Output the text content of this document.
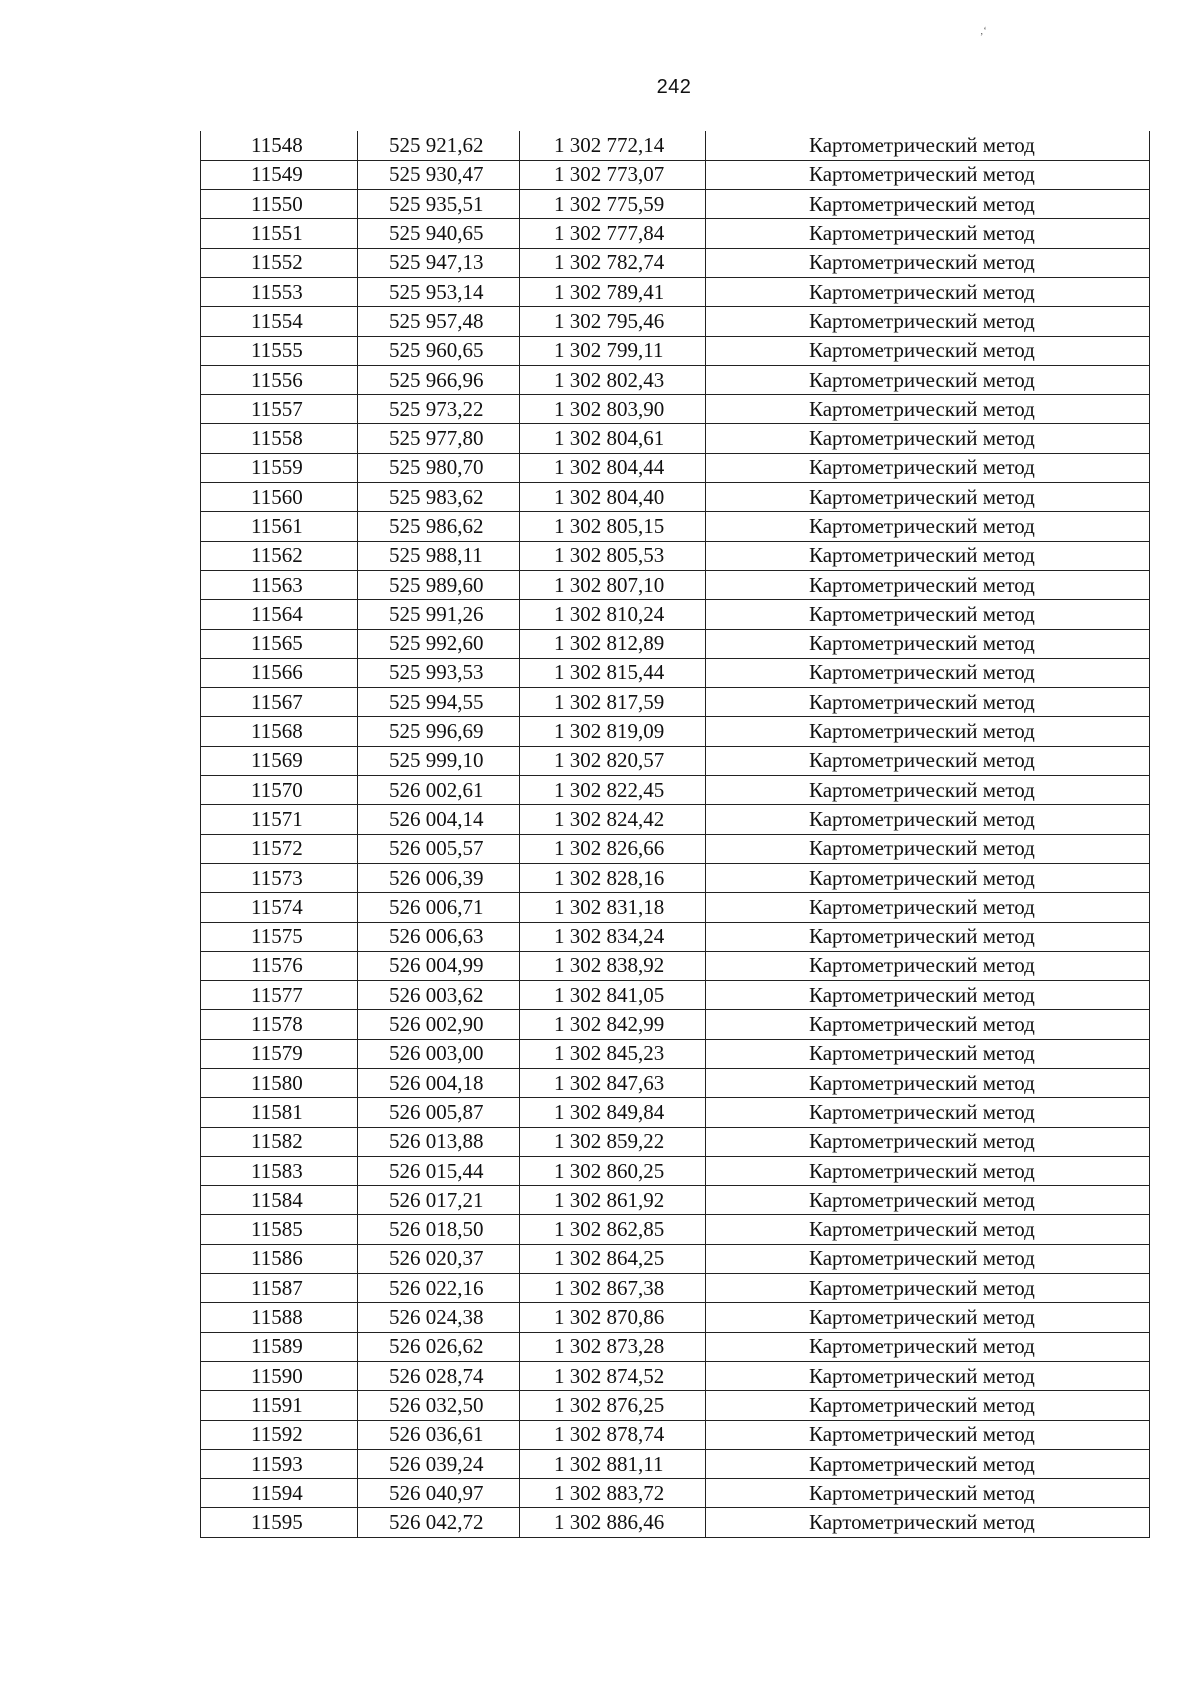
‚‘
242
11548	525 921,62	1 302 772,14	Картометрический метод
11549	525 930,47	1 302 773,07	Картометрический метод
11550	525 935,51	1 302 775,59	Картометрический метод
11551	525 940,65	1 302 777,84	Картометрический метод
11552	525 947,13	1 302 782,74	Картометрический метод
11553	525 953,14	1 302 789,41	Картометрический метод
11554	525 957,48	1 302 795,46	Картометрический метод
11555	525 960,65	1 302 799,11	Картометрический метод
11556	525 966,96	1 302 802,43	Картометрический метод
11557	525 973,22	1 302 803,90	Картометрический метод
11558	525 977,80	1 302 804,61	Картометрический метод
11559	525 980,70	1 302 804,44	Картометрический метод
11560	525 983,62	1 302 804,40	Картометрический метод
11561	525 986,62	1 302 805,15	Картометрический метод
11562	525 988,11	1 302 805,53	Картометрический метод
11563	525 989,60	1 302 807,10	Картометрический метод
11564	525 991,26	1 302 810,24	Картометрический метод
11565	525 992,60	1 302 812,89	Картометрический метод
11566	525 993,53	1 302 815,44	Картометрический метод
11567	525 994,55	1 302 817,59	Картометрический метод
11568	525 996,69	1 302 819,09	Картометрический метод
11569	525 999,10	1 302 820,57	Картометрический метод
11570	526 002,61	1 302 822,45	Картометрический метод
11571	526 004,14	1 302 824,42	Картометрический метод
11572	526 005,57	1 302 826,66	Картометрический метод
11573	526 006,39	1 302 828,16	Картометрический метод
11574	526 006,71	1 302 831,18	Картометрический метод
11575	526 006,63	1 302 834,24	Картометрический метод
11576	526 004,99	1 302 838,92	Картометрический метод
11577	526 003,62	1 302 841,05	Картометрический метод
11578	526 002,90	1 302 842,99	Картометрический метод
11579	526 003,00	1 302 845,23	Картометрический метод
11580	526 004,18	1 302 847,63	Картометрический метод
11581	526 005,87	1 302 849,84	Картометрический метод
11582	526 013,88	1 302 859,22	Картометрический метод
11583	526 015,44	1 302 860,25	Картометрический метод
11584	526 017,21	1 302 861,92	Картометрический метод
11585	526 018,50	1 302 862,85	Картометрический метод
11586	526 020,37	1 302 864,25	Картометрический метод
11587	526 022,16	1 302 867,38	Картометрический метод
11588	526 024,38	1 302 870,86	Картометрический метод
11589	526 026,62	1 302 873,28	Картометрический метод
11590	526 028,74	1 302 874,52	Картометрический метод
11591	526 032,50	1 302 876,25	Картометрический метод
11592	526 036,61	1 302 878,74	Картометрический метод
11593	526 039,24	1 302 881,11	Картометрический метод
11594	526 040,97	1 302 883,72	Картометрический метод
11595	526 042,72	1 302 886,46	Картометрический метод
